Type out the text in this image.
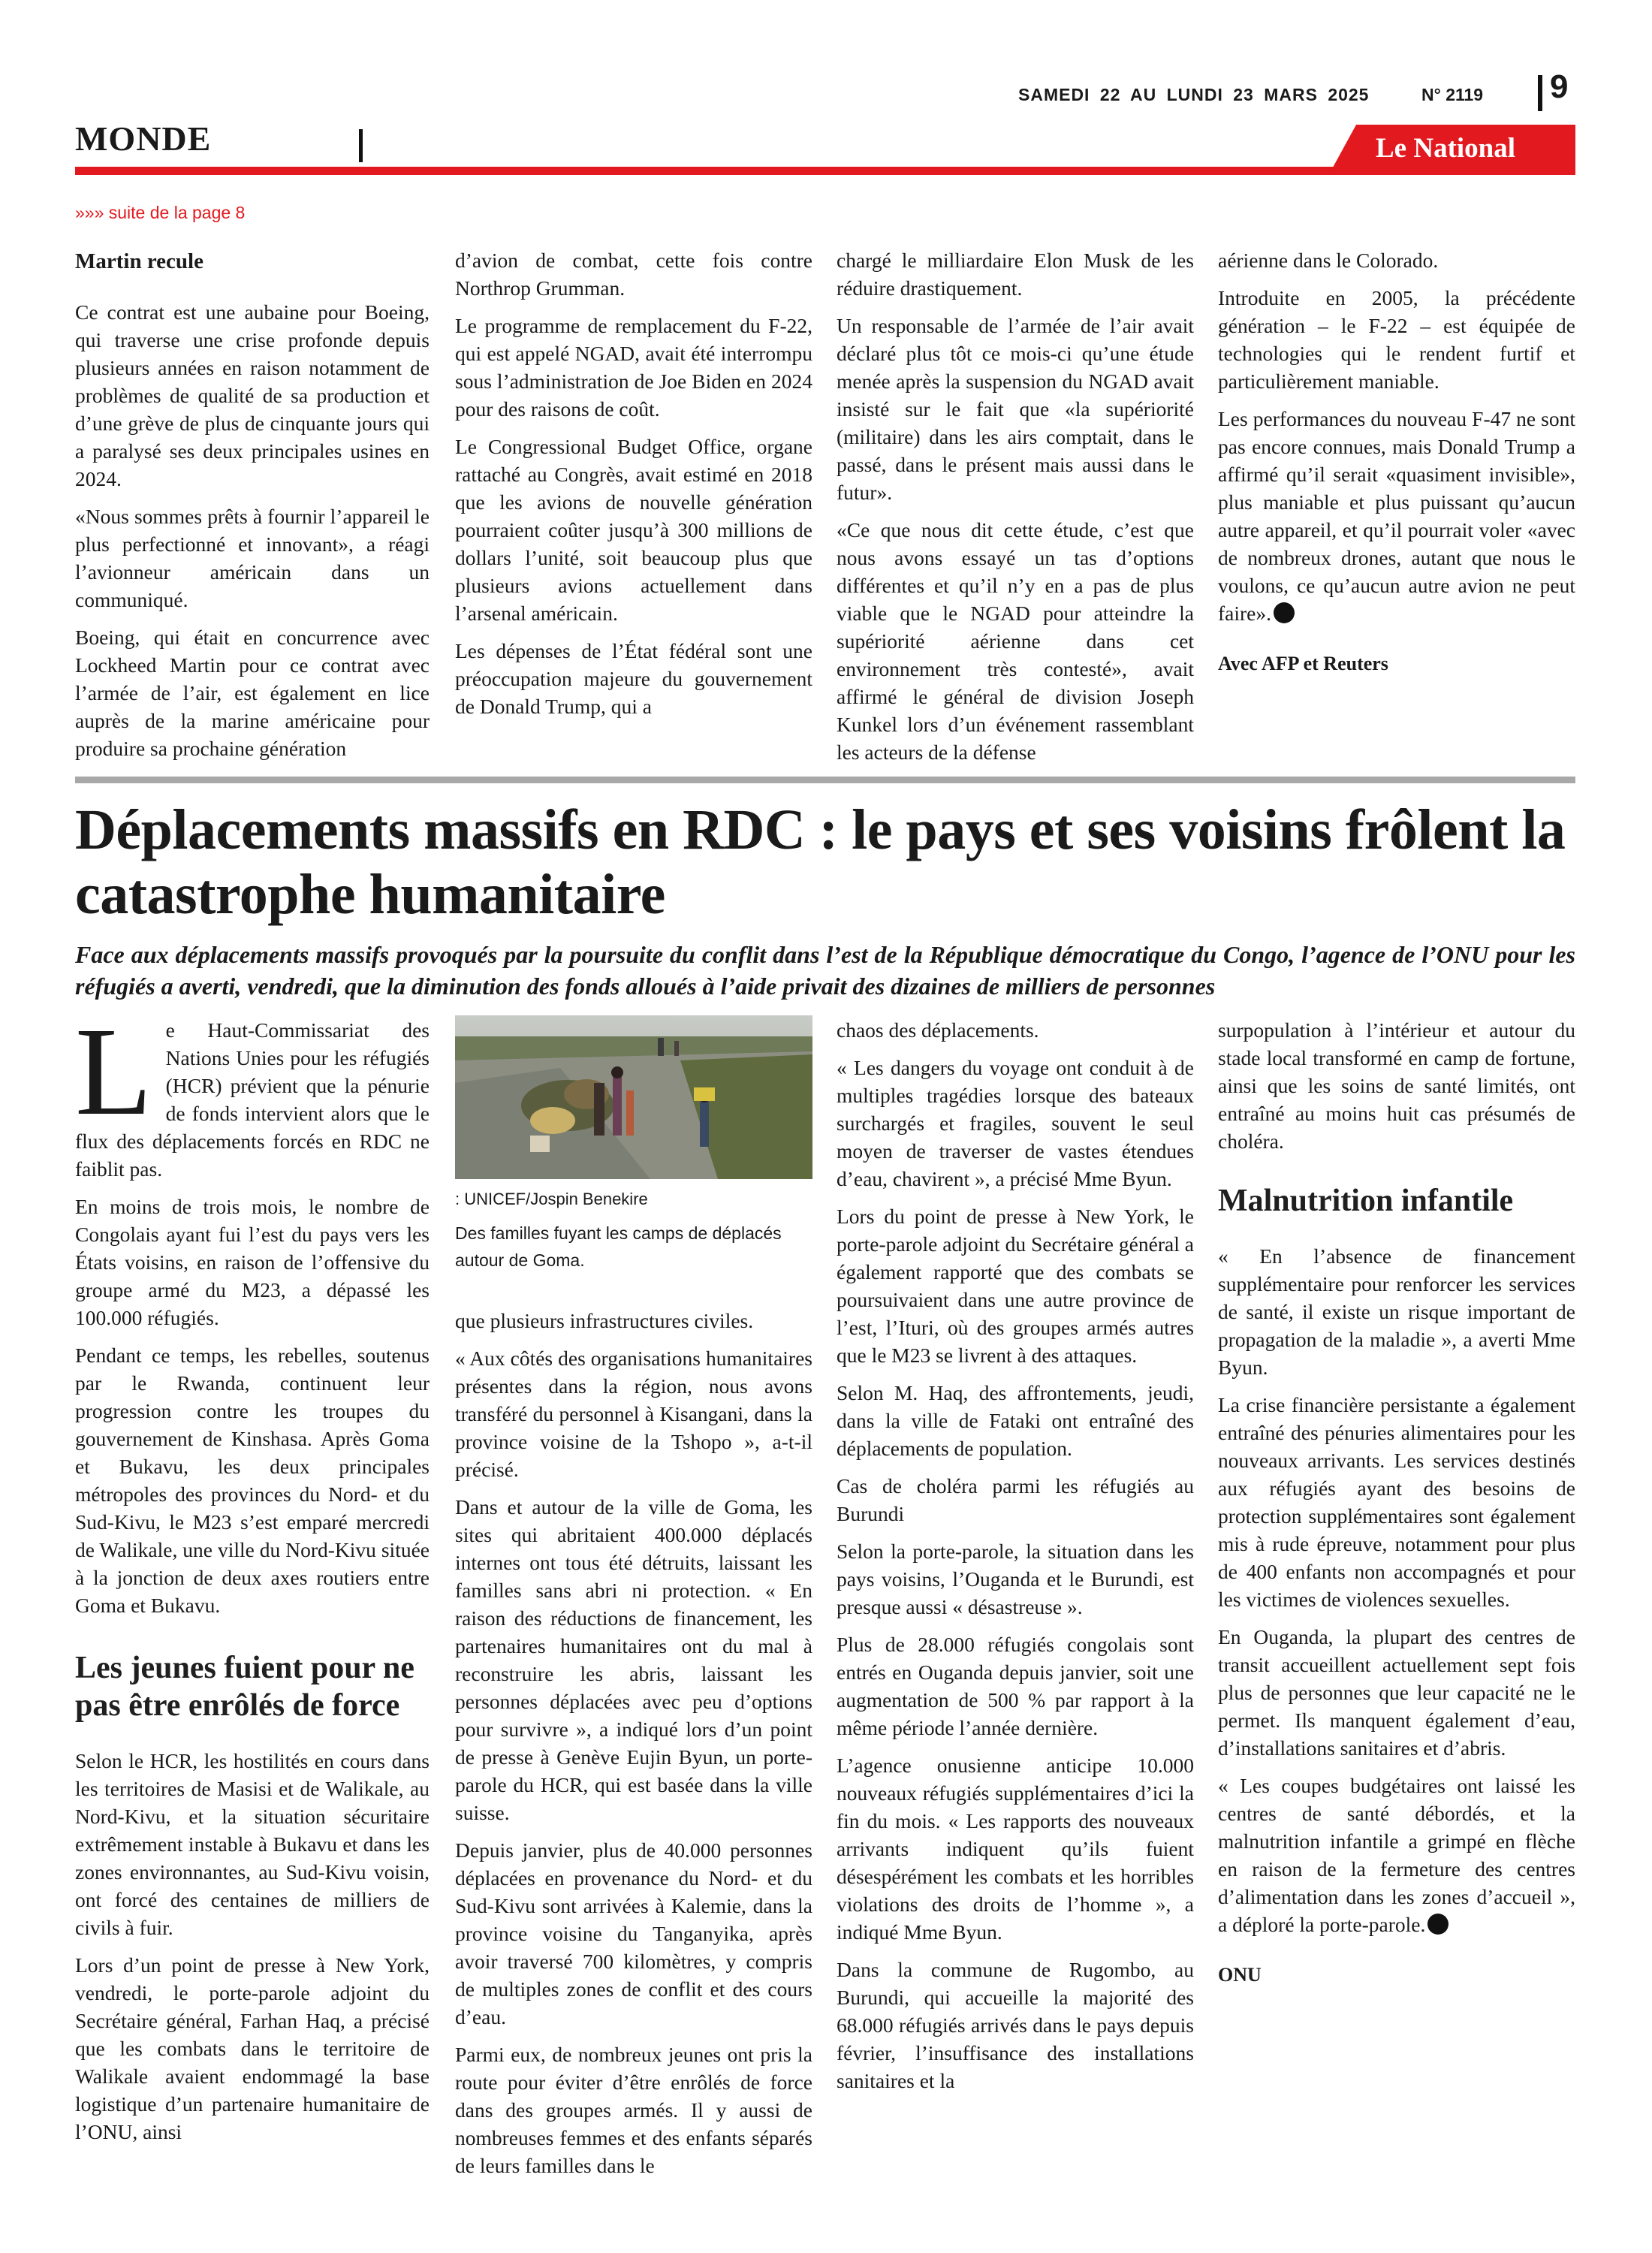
SAMEDI 22 AU LUNDI 23 MARS 2025	N° 2119 9
MONDE	Le National
»»» suite de la page 8
Martin recule

Ce contrat est une aubaine pour Boeing, qui traverse une crise profonde depuis plusieurs années en raison notamment de problèmes de qualité de sa production et d’une grève de plus de cinquante jours qui a paralysé ses deux principales usines en 2024.

«Nous sommes prêts à fournir l’appareil le plus perfectionné et innovant», a réagi l’avionneur américain dans un communiqué.

Boeing, qui était en concurrence avec Lockheed Martin pour ce contrat avec l’armée de l’air, est également en lice auprès de la marine américaine pour produire sa prochaine génération

d’avion de combat, cette fois contre Northrop Grumman.

Le programme de remplacement du F-22, qui est appelé NGAD, avait été interrompu sous l’administration de Joe Biden en 2024 pour des raisons de coût.

Le Congressional Budget Office, organe rattaché au Congrès, avait estimé en 2018 que les avions de nouvelle génération pourraient coûter jusqu’à 300 millions de dollars l’unité, soit beaucoup plus que plusieurs avions actuellement dans l’arsenal américain.

Les dépenses de l’État fédéral sont une préoccupation majeure du gouvernement de Donald Trump, qui a

chargé le milliardaire Elon Musk de les réduire drastiquement.

Un responsable de l’armée de l’air avait déclaré plus tôt ce mois-ci qu’une étude menée après la suspension du NGAD avait insisté sur le fait que «la supériorité (militaire) dans les airs comptait, dans le passé, dans le présent mais aussi dans le futur».

«Ce que nous dit cette étude, c’est que nous avons essayé un tas d’options différentes et qu’il n’y en a pas de plus viable que le NGAD pour atteindre la supériorité aérienne dans cet environnement très contesté», avait affirmé le général de division Joseph Kunkel lors d’un événement rassemblant les acteurs de la défense

aérienne dans le Colorado.

Introduite en 2005, la précédente génération – le F-22 – est équipée de technologies qui le rendent furtif et particulièrement maniable.

Les performances du nouveau F-47 ne sont pas encore connues, mais Donald Trump a affirmé qu’il serait «quasiment invisible», plus maniable et plus puissant qu’aucun autre appareil, et qu’il pourrait voler «avec de nombreux drones, autant que nous le voulons, ce qu’aucun autre avion ne peut faire».

Avec AFP et Reuters
Déplacements massifs en RDC : le pays et ses voisins frôlent la catastrophe humanitaire

Face aux déplacements massifs provoqués par la poursuite du conflit dans l’est de la République démocratique du Congo, l’agence de l’ONU pour les réfugiés a averti, vendredi, que la diminution des fonds alloués à l’aide privait des dizaines de milliers de personnes

Le Haut-Commissariat des Nations Unies pour les réfugiés (HCR) prévient que la pénurie de fonds intervient alors que le flux des déplacements forcés en RDC ne faiblit pas.

En moins de trois mois, le nombre de Congolais ayant fui l’est du pays vers les États voisins, en raison de l’offensive du groupe armé du M23, a dépassé les 100.000 réfugiés.

Pendant ce temps, les rebelles, soutenus par le Rwanda, continuent leur progression contre les troupes du gouvernement de Kinshasa. Après Goma et Bukavu, les deux principales métropoles des provinces du Nord- et du Sud-Kivu, le M23 s’est emparé mercredi de Walikale, une ville du Nord-Kivu située à la jonction de deux axes routiers entre Goma et Bukavu.

Les jeunes fuient pour ne pas être enrôlés de force

Selon le HCR, les hostilités en cours dans les territoires de Masisi et de Walikale, au Nord-Kivu, et la situation sécuritaire extrêmement instable à Bukavu et dans les zones environnantes, au Sud-Kivu voisin, ont forcé des centaines de milliers de civils à fuir.

Lors d’un point de presse à New York, vendredi, le porte-parole adjoint du Secrétaire général, Farhan Haq, a précisé que les combats dans le territoire de Walikale avaient endommagé la base logistique d’un partenaire humanitaire de l’ONU, ainsi

: UNICEF/Jospin Benekire
Des familles fuyant les camps de déplacés autour de Goma.

que plusieurs infrastructures civiles.

« Aux côtés des organisations humanitaires présentes dans la région, nous avons transféré du personnel à Kisangani, dans la province voisine de la Tshopo », a-t-il précisé.

Dans et autour de la ville de Goma, les sites qui abritaient 400.000 déplacés internes ont tous été détruits, laissant les familles sans abri ni protection. « En raison des réductions de financement, les partenaires humanitaires ont du mal à reconstruire les abris, laissant les personnes déplacées avec peu d’options pour survivre », a indiqué lors d’un point de presse à Genève Eujin Byun, un porte-parole du HCR, qui est basée dans la ville suisse.

Depuis janvier, plus de 40.000 personnes déplacées en provenance du Nord- et du Sud-Kivu sont arrivées à Kalemie, dans la province voisine du Tanganyika, après avoir traversé 700 kilomètres, y compris de multiples zones de conflit et des cours d’eau.

Parmi eux, de nombreux jeunes ont pris la route pour éviter d’être enrôlés de force dans des groupes armés. Il y aussi de nombreuses femmes et des enfants séparés de leurs familles dans le

chaos des déplacements.

« Les dangers du voyage ont conduit à de multiples tragédies lorsque des bateaux surchargés et fragiles, souvent le seul moyen de traverser de vastes étendues d’eau, chavirent », a précisé Mme Byun.

Lors du point de presse à New York, le porte-parole adjoint du Secrétaire général a également rapporté que des combats se poursuivaient dans une autre province de l’est, l’Ituri, où des groupes armés autres que le M23 se livrent à des attaques.

Selon M. Haq, des affrontements, jeudi, dans la ville de Fataki ont entraîné des déplacements de population.

Cas de choléra parmi les réfugiés au Burundi

Selon la porte-parole, la situation dans les pays voisins, l’Ouganda et le Burundi, est presque aussi « désastreuse ».

Plus de 28.000 réfugiés congolais sont entrés en Ouganda depuis janvier, soit une augmentation de 500 % par rapport à la même période l’année dernière.

L’agence onusienne anticipe 10.000 nouveaux réfugiés supplémentaires d’ici la fin du mois. « Les rapports des nouveaux arrivants indiquent qu’ils fuient désespérément les combats et les horribles violations des droits de l’homme », a indiqué Mme Byun.

Dans la commune de Rugombo, au Burundi, qui accueille la majorité des 68.000 réfugiés arrivés dans le pays depuis février, l’insuffisance des installations sanitaires et la

surpopulation à l’intérieur et autour du stade local transformé en camp de fortune, ainsi que les soins de santé limités, ont entraîné au moins huit cas présumés de choléra.

Malnutrition infantile

« En l’absence de financement supplémentaire pour renforcer les services de santé, il existe un risque important de propagation de la maladie », a averti Mme Byun.

La crise financière persistante a également entraîné des pénuries alimentaires pour les nouveaux arrivants. Les services destinés aux réfugiés ayant des besoins de protection supplémentaires sont également mis à rude épreuve, notamment pour plus de 400 enfants non accompagnés et pour les victimes de violences sexuelles.

En Ouganda, la plupart des centres de transit accueillent actuellement sept fois plus de personnes que leur capacité ne le permet. Ils manquent également d’eau, d’installations sanitaires et d’abris.

« Les coupes budgétaires ont laissé les centres de santé débordés, et la malnutrition infantile a grimpé en flèche en raison de la fermeture des centres d’alimentation dans les zones d’accueil », a déploré la porte-parole.

ONU
